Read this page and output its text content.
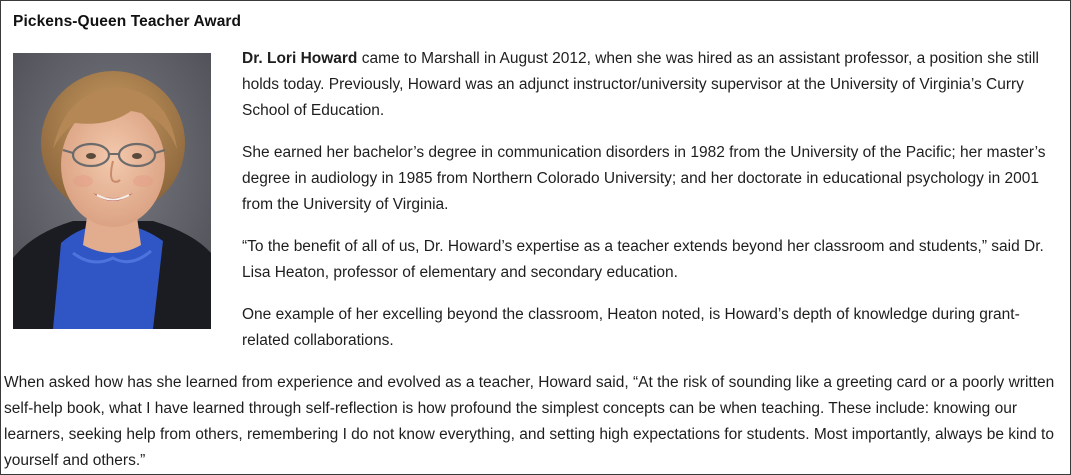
Pickens-Queen Teacher Award

Dr. Lori Howard came to Marshall in August 2012, when she was hired as an assistant professor, a position she still holds today. Previously, Howard was an adjunct instructor/university supervisor at the University of Virginia’s Curry School of Education.

She earned her bachelor’s degree in communication disorders in 1982 from the University of the Pacific; her master’s degree in audiology in 1985 from Northern Colorado University; and her doctorate in educational psychology in 2001 from the University of Virginia.

“To the benefit of all of us, Dr. Howard’s expertise as a teacher extends beyond her classroom and students,” said Dr. Lisa Heaton, professor of elementary and secondary education.

One example of her excelling beyond the classroom, Heaton noted, is Howard’s depth of knowledge during grant-related collaborations.

When asked how has she learned from experience and evolved as a teacher, Howard said, “At the risk of sounding like a greeting card or a poorly written self-help book, what I have learned through self-reflection is how profound the simplest concepts can be when teaching. These include: knowing our learners, seeking help from others, remembering I do not know everything, and setting high expectations for students. Most importantly, always be kind to yourself and others.”
